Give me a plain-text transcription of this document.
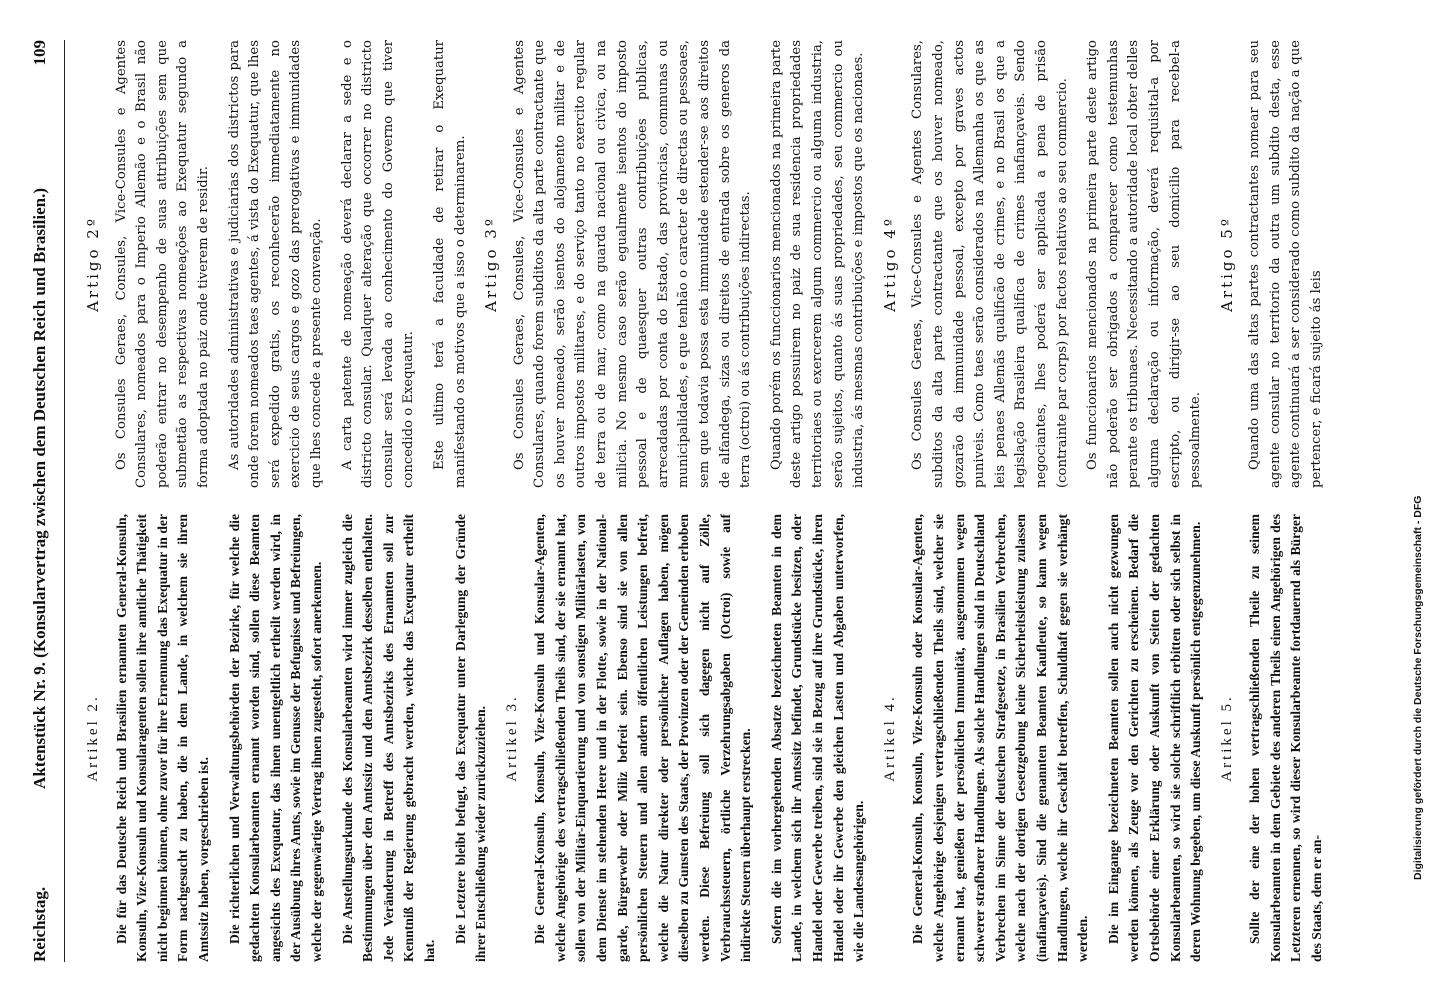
Digitalisierung gefördert durch die Deutsche Forschungsgemeinschaft - DFG
Reichstag.
Aktenstück Nr. 9. (Konsularvertrag zwischen dem Deutschen Reich und Brasilien.)
109
Artikel 2. Die für das Deutsche Reich und Brasilien ernannten General-Konsuln, Konsuln, Vize-Konsuln und Konsularagenten sollen ihre amtliche Thätigkeit nicht beginnen können, ohne zuvor für ihre Ernennung das Exequatur in der Form nachgesucht zu haben, die in dem Lande, in welchem sie ihren Amtssitz haben, vorgeschrieben ist. Die richterlichen und Verwaltungsbehörden der Bezirke, für welche die gedachten Konsularbeamten ernannt worden sind, sollen diese Beamten angesichts des Exequatur, das ihnen unentgeltlich ertheilt werden wird, in der Ausübung ihres Amts, sowie im Genusse der Befugnisse und Befreiungen, welche der gegenwärtige Vertrag ihnen zugesteht, sofort anerkennen. Die Anstellungsurkunde des Konsularbeamten wird immer zugleich die Bestimmungen über den Amtssitz und den Amtsbezirk desselben enthalten. Jede Veränderung in Betreff des Amtsbezirks des Ernannten soll zur Kenntniß der Regierung gebracht werden, welche das Exequatur ertheilt hat.

Die Letztere bleibt befugt, das Exequatur unter Darlegung der Gründe ihrer Entschließung wieder zurückzuziehen. Artikel 3. Die General-Konsuln, Konsuln, Vize-Konsuln und Konsular-Agenten, welche Angehörige des vertragschließenden Theils sind, der sie ernannt hat, sollen von der Militär-Einquartierung und von sonstigen Militärlasten, von dem Dienste im stehenden Heere und in der Flotte, sowie in der National-garde, Bürgerwehr oder Miliz befreit sein. Ebenso sind sie von allen persönlichen Steuern und allen andern öffentlichen Leistungen befreit, welche die Natur direkter oder persönlicher Auflagen haben, mögen dieselben zu Gunsten des Staats, der Provinzen oder der Gemeinden erhoben werden. Diese Befreiung soll sich dagegen nicht auf Zölle, Verbrauchssteuern, örtliche Verzehrungsabgaben (Octroi) sowie auf indirekte Steuern überhaupt erstrecken. Sofern die im vorhergehenden Absatze bezeichneten Beamten in dem Lande, in welchem sich ihr Amtssitz befindet, Grundstücke besitzen, oder Handel oder Gewerbe treiben, sind sie in Bezug auf ihre Grundstücke, ihren Handel oder ihr Gewerbe den gleichen Lasten und Abgaben unterworfen, wie die Landesangehörigen.

Artikel 4. Die General-Konsuln, Konsuln, Vize-Konsuln oder Konsular-Agenten, welche Angehörige desjenigen vertragschließenden Theils sind, welcher sie ernannt hat, genießen der persönlichen Immunität, ausgenommen wegen schwerer strafbarer Handlungen. Als solche Handlungen sind in Deutschland Verbrechen im Sinne der deutschen Strafgesetze, in Brasilien Verbrechen, welche nach der dortigen Gesetzgebung keine Sicherheitsleistung zulassen (inafiançaveis). Sind die genannten Beamten Kaufleute, so kann wegen Handlungen, welche ihr Geschäft betreffen, Schuldhaft gegen sie verhängt werden. Die im Eingange bezeichneten Beamten sollen auch nicht gezwungen werden können, als Zeuge vor den Gerichten zu erscheinen. Bedarf die Ortsbehörde einer Erklärung oder Auskunft von Seiten der gedachten Konsularbeamten, so wird sie solche schriftlich erbitten oder sich selbst in deren Wohnung begeben, um diese Auskunft persönlich entgegenzunehmen. Artikel 5. Sollte der eine der hohen vertragschließenden Theile zu seinem Konsularbeamten in dem Gebiete des anderen Theils einen Angehörigen des Letzteren ernennen, so wird dieser Konsularbeamte fortdauernd als Bürger des Staats, dem er an-

Artigo 2º Os Consules Geraes, Consules, Vice-Consules e Agentes Consulares, nomeados para o Imperio Allemão e o Brasil não poderão entrar no desempenho de suas attribuições sem que submettão as respectivas nomeações ao Exequatur segundo a forma adoptada no paiz onde tiverem de residir. As autoridades administrativas e judiciarias dos districtos para onde forem nomeados taes agentes, á vista do Exequatur, que lhes será expedido gratis, os reconhecerão immediatamente no exercicio de seus cargos e gozo das prerogativas e immunidades que lhes concede a presente convenção. A carta patente de nomeação deverá declarar a sede e o districto consular. Qualquer alteração que occorrer no districto consular será levada ao conhecimento do Governo que tiver concedido o Exequatur. Este ultimo terá a faculdade de retirar o Exequatur manifestando os motivos que a isso o determinarem. Artigo 3º Os Consules Geraes, Consules, Vice-Consules e Agentes Consulares, quando forem subditos da alta parte contractante que os houver nomeado, serão isentos do alojamento militar e de outros impostos militares, e do serviço tanto no exercito regular de terra ou de mar, como na guarda nacional ou civica, ou na milicia. No mesmo caso serão egualmente isentos do imposto pessoal e de quaesquer outras contribuições publicas, arrecadadas por conta do Estado, das provincias, communas ou municipalidades, e que tenhão o caracter de directas ou pessoaes, sem que todavia possa esta immunidade estender-se aos direitos de alfandega, sizas ou direitos de entrada sobre os generos da terra (octroi) ou ás contribuições indirectas. Quando porém os funccionarios mencionados na primeira parte deste artigo possuirem no paiz de sua residencia propriedades territoriaes ou exercerem algum commercio ou alguma industria, serão sujeitos, quanto ás suas propriedades, seu commercio ou industria, ás mesmas contribuições e impostos que os nacionaes. Artigo 4º Os Consules Geraes, Vice-Consules e Agentes Consulares, subditos da alta parte contractante que os houver nomeado, gozarão da immunidade pessoal, excepto por graves actos puniveis. Como taes serão considerados na Allemanha os que as leis penaes Allemãs qualificão de crimes, e no Brasil os que a legislação Brasileira qualifica de crimes inafiançaveis. Sendo negociantes, lhes poderá ser applicada a pena de prisão (contrainte par corps) por factos relativos ao seu commercio. Os funccionarios mencionados na primeira parte deste artigo não poderão ser obrigados a comparecer como testemunhas perante os tribunaes. Necessitando a autoridade local obter delles alguma declaração ou informação, deverá requisital-a por escripto, ou dirigir-se ao seu domicilio para recebel-a pessoalmente.

Artigo 5º Quando uma das altas partes contractantes nomear para seu agente consular no territorio da outra um subdito desta, esse agente continuará a ser considerado como subdito da nação a que pertencer, e ficará sujeito ás leis
